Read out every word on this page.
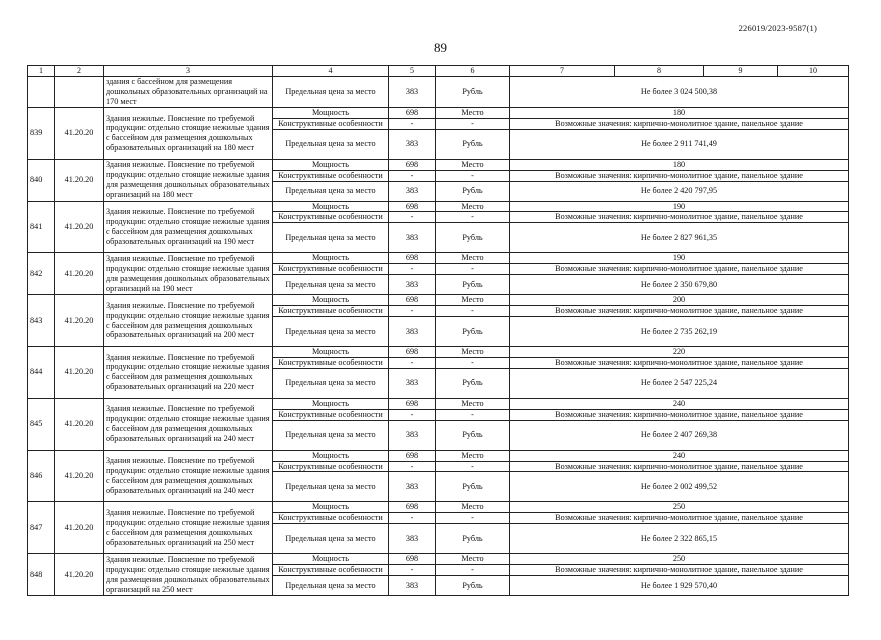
226019/2023-9587(1)
89
1	2	3	4	5	6	7	8	9	10
		здания с бассейном для размещения дошкольных образовательных организаций на 170 мест	Предельная цена за место	383	Рубль	Не более 3 024 500,38			
839	41.20.20	Здания нежилые. Пояснение по требуемой продукции: отдельно стоящие нежилые здания с бассейном для размещения дошкольных образовательных организаций на 180 мест	Мощность	698	Место	180			
			Конструктивные особенности	-	-	Возможные значения: кирпично-монолитное здание, панельное здание			
			Предельная цена за место	383	Рубль	Не более 2 911 741,49			
840	41.20.20	Здания нежилые. Пояснение по требуемой продукции: отдельно стоящие нежилые здания для размещения дошкольных образовательных организаций на 180 мест	Мощность	698	Место	180			
			Конструктивные особенности	-	-	Возможные значения: кирпично-монолитное здание, панельное здание			
			Предельная цена за место	383	Рубль	Не более 2 420 797,95			
841	41.20.20	Здания нежилые. Пояснение по требуемой продукции: отдельно стоящие нежилые здания с бассейном для размещения дошкольных образовательных организаций на 190 мест	Мощность	698	Место	190			
			Конструктивные особенности	-	-	Возможные значения: кирпично-монолитное здание, панельное здание			
			Предельная цена за место	383	Рубль	Не более 2 827 961,35			
842	41.20.20	Здания нежилые. Пояснение по требуемой продукции: отдельно стоящие нежилые здания для размещения дошкольных образовательных организаций на 190 мест	Мощность	698	Место	190			
			Конструктивные особенности	-	-	Возможные значения: кирпично-монолитное здание, панельное здание			
			Предельная цена за место	383	Рубль	Не более 2 350 679,80			
843	41.20.20	Здания нежилые. Пояснение по требуемой продукции: отдельно стоящие нежилые здания с бассейном для размещения дошкольных образовательных организаций на 200 мест	Мощность	698	Место	200			
			Конструктивные особенности	-	-	Возможные значения: кирпично-монолитное здание, панельное здание			
			Предельная цена за место	383	Рубль	Не более 2 735 262,19			
844	41.20.20	Здания нежилые. Пояснение по требуемой продукции: отдельно стоящие нежилые здания с бассейном для размещения дошкольных образовательных организаций на 220 мест	Мощность	698	Место	220			
			Конструктивные особенности	-	-	Возможные значения: кирпично-монолитное здание, панельное здание			
			Предельная цена за место	383	Рубль	Не более 2 547 225,24			
845	41.20.20	Здания нежилые. Пояснение по требуемой продукции: отдельно стоящие нежилые здания с бассейном для размещения дошкольных образовательных организаций на 240 мест	Мощность	698	Место	240			
			Конструктивные особенности	-	-	Возможные значения: кирпично-монолитное здание, панельное здание			
			Предельная цена за место	383	Рубль	Не более 2 407 269,38			
846	41.20.20	Здания нежилые. Пояснение по требуемой продукции: отдельно стоящие нежилые здания с бассейном для размещения дошкольных образовательных организаций на 240 мест	Мощность	698	Место	240			
			Конструктивные особенности	-	-	Возможные значения: кирпично-монолитное здание, панельное здание			
			Предельная цена за место	383	Рубль	Не более 2 002 499,52			
847	41.20.20	Здания нежилые. Пояснение по требуемой продукции: отдельно стоящие нежилые здания с бассейном для размещения дошкольных образовательных организаций на 250 мест	Мощность	698	Место	250			
			Конструктивные особенности	-	-	Возможные значения: кирпично-монолитное здание, панельное здание			
			Предельная цена за место	383	Рубль	Не более 2 322 865,15			
848	41.20.20	Здания нежилые. Пояснение по требуемой продукции: отдельно стоящие нежилые здания для размещения дошкольных образовательных организаций на 250 мест	Мощность	698	Место	250			
			Конструктивные особенности	-	-	Возможные значения: кирпично-монолитное здание, панельное здание			
			Предельная цена за место	383	Рубль	Не более 1 929 570,40			
